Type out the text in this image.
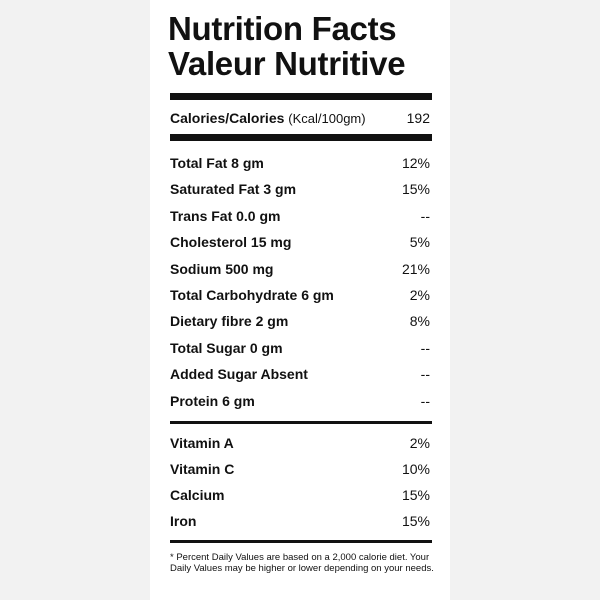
Nutrition Facts
Valeur Nutritive
Calories/Calories (Kcal/100gm)	192
Total Fat 8 gm	12%
Saturated Fat 3 gm	15%
Trans Fat 0.0 gm	--
Cholesterol 15 mg	5%
Sodium 500 mg	21%
Total Carbohydrate 6 gm	2%
Dietary fibre 2 gm	8%
Total Sugar 0 gm	--
Added Sugar Absent	--
Protein 6 gm	--
Vitamin A	2%
Vitamin C	10%
Calcium	15%
Iron	15%
* Percent Daily Values are based on a 2,000 calorie diet. Your Daily Values may be higher or lower depending on your needs.
